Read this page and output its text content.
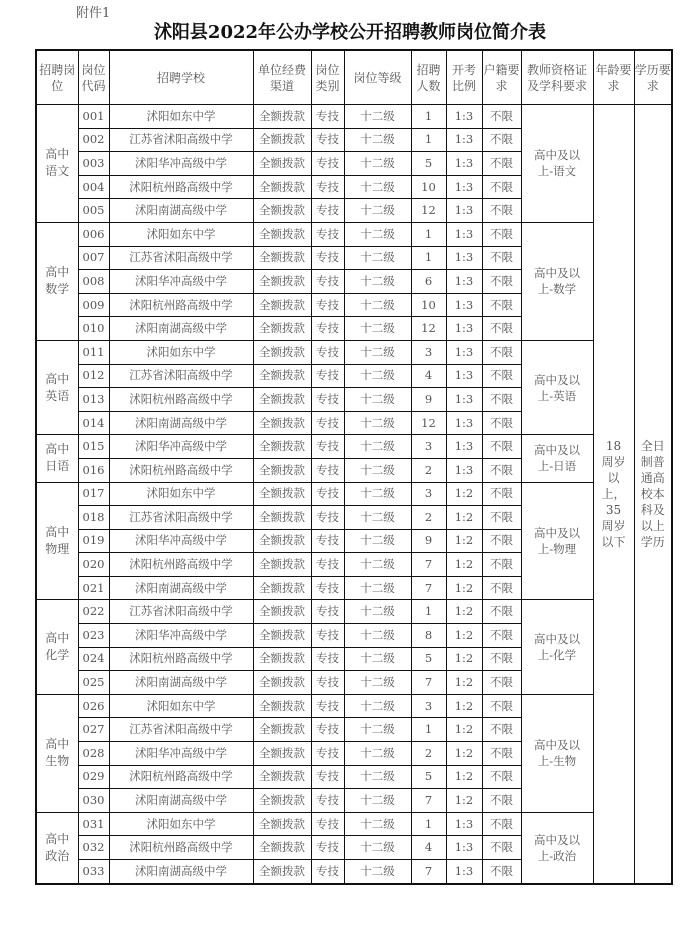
附件1
沭阳县2022年公办学校公开招聘教师岗位简介表
招聘岗位	岗位代码	招聘学校	单位经费渠道	岗位类别	岗位等级	招聘人数	开考比例	户籍要求	教师资格证及学科要求	年龄要求	学历要求
高中语文	001	沭阳如东中学	全额拨款	专技	十二级	1	1:3	不限	高中及以上-语文	18周岁以上，35周岁以下	全日制普通高校本科及以上学历
	002	江苏省沭阳高级中学	全额拨款	专技	十二级	1	1:3	不限			
	003	沭阳华冲高级中学	全额拨款	专技	十二级	5	1:3	不限			
	004	沭阳杭州路高级中学	全额拨款	专技	十二级	10	1:3	不限			
	005	沭阳南湖高级中学	全额拨款	专技	十二级	12	1:3	不限			
高中数学	006	沭阳如东中学	全额拨款	专技	十二级	1	1:3	不限	高中及以上-数学		
	007	江苏省沭阳高级中学	全额拨款	专技	十二级	1	1:3	不限			
	008	沭阳华冲高级中学	全额拨款	专技	十二级	6	1:3	不限			
	009	沭阳杭州路高级中学	全额拨款	专技	十二级	10	1:3	不限			
	010	沭阳南湖高级中学	全额拨款	专技	十二级	12	1:3	不限			
高中英语	011	沭阳如东中学	全额拨款	专技	十二级	3	1:3	不限	高中及以上-英语		
	012	江苏省沭阳高级中学	全额拨款	专技	十二级	4	1:3	不限			
	013	沭阳杭州路高级中学	全额拨款	专技	十二级	9	1:3	不限			
	014	沭阳南湖高级中学	全额拨款	专技	十二级	12	1:3	不限			
高中日语	015	沭阳华冲高级中学	全额拨款	专技	十二级	3	1:3	不限	高中及以上-日语		
	016	沭阳杭州路高级中学	全额拨款	专技	十二级	2	1:3	不限			
高中物理	017	沭阳如东中学	全额拨款	专技	十二级	3	1:2	不限	高中及以上-物理		
	018	江苏省沭阳高级中学	全额拨款	专技	十二级	2	1:2	不限			
	019	沭阳华冲高级中学	全额拨款	专技	十二级	9	1:2	不限			
	020	沭阳杭州路高级中学	全额拨款	专技	十二级	7	1:2	不限			
	021	沭阳南湖高级中学	全额拨款	专技	十二级	7	1:2	不限			
高中化学	022	江苏省沭阳高级中学	全额拨款	专技	十二级	1	1:2	不限	高中及以上-化学		
	023	沭阳华冲高级中学	全额拨款	专技	十二级	8	1:2	不限			
	024	沭阳杭州路高级中学	全额拨款	专技	十二级	5	1:2	不限			
	025	沭阳南湖高级中学	全额拨款	专技	十二级	7	1:2	不限			
高中生物	026	沭阳如东中学	全额拨款	专技	十二级	3	1:2	不限	高中及以上-生物		
	027	江苏省沭阳高级中学	全额拨款	专技	十二级	1	1:2	不限			
	028	沭阳华冲高级中学	全额拨款	专技	十二级	2	1:2	不限			
	029	沭阳杭州路高级中学	全额拨款	专技	十二级	5	1:2	不限			
	030	沭阳南湖高级中学	全额拨款	专技	十二级	7	1:2	不限			
高中政治	031	沭阳如东中学	全额拨款	专技	十二级	1	1:3	不限	高中及以上-政治		
	032	沭阳杭州路高级中学	全额拨款	专技	十二级	4	1:3	不限			
	033	沭阳南湖高级中学	全额拨款	专技	十二级	7	1:3	不限			
